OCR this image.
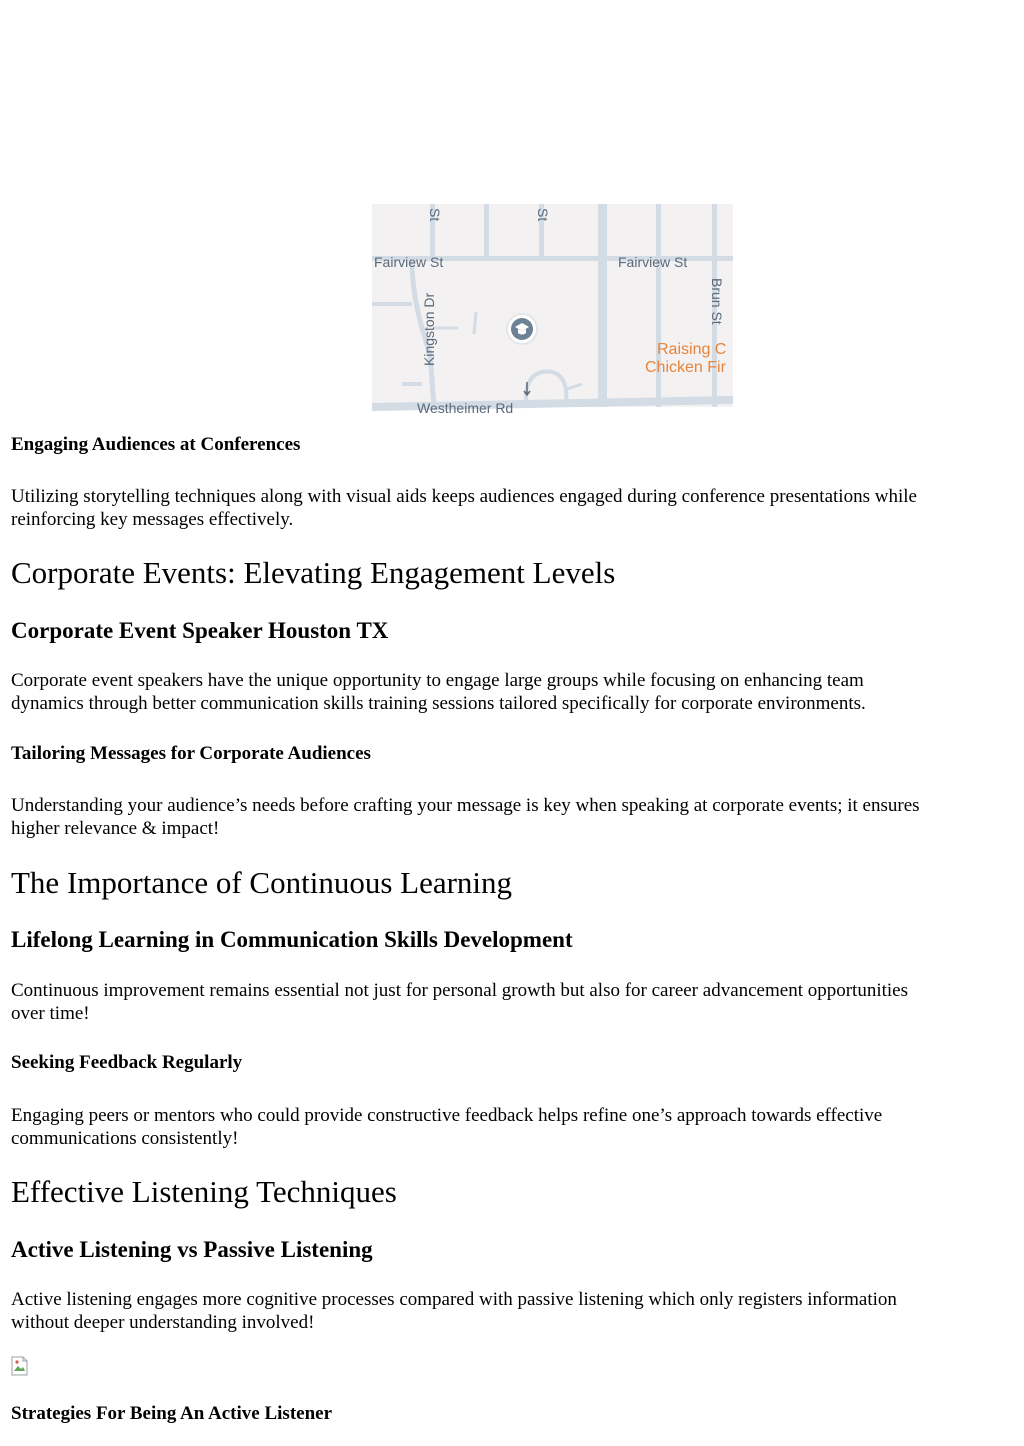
Fairview St	Fairview St
Kingston Dr	Brun St
St	St
Raising C
Chicken Fir
Westheimer Rd
Engaging Audiences at Conferences
Utilizing storytelling techniques along with visual aids keeps audiences engaged during conference presentations while
reinforcing key messages effectively.
Corporate Events: Elevating Engagement Levels
Corporate Event Speaker Houston TX
Corporate event speakers have the unique opportunity to engage large groups while focusing on enhancing team
dynamics through better communication skills training sessions tailored specifically for corporate environments.
Tailoring Messages for Corporate Audiences
Understanding your audience’s needs before crafting your message is key when speaking at corporate events; it ensures
higher relevance & impact!
The Importance of Continuous Learning
Lifelong Learning in Communication Skills Development
Continuous improvement remains essential not just for personal growth but also for career advancement opportunities
over time!
Seeking Feedback Regularly
Engaging peers or mentors who could provide constructive feedback helps refine one’s approach towards effective
communications consistently!
Effective Listening Techniques
Active Listening vs Passive Listening
Active listening engages more cognitive processes compared with passive listening which only registers information
without deeper understanding involved!
Strategies For Being An Active Listener
